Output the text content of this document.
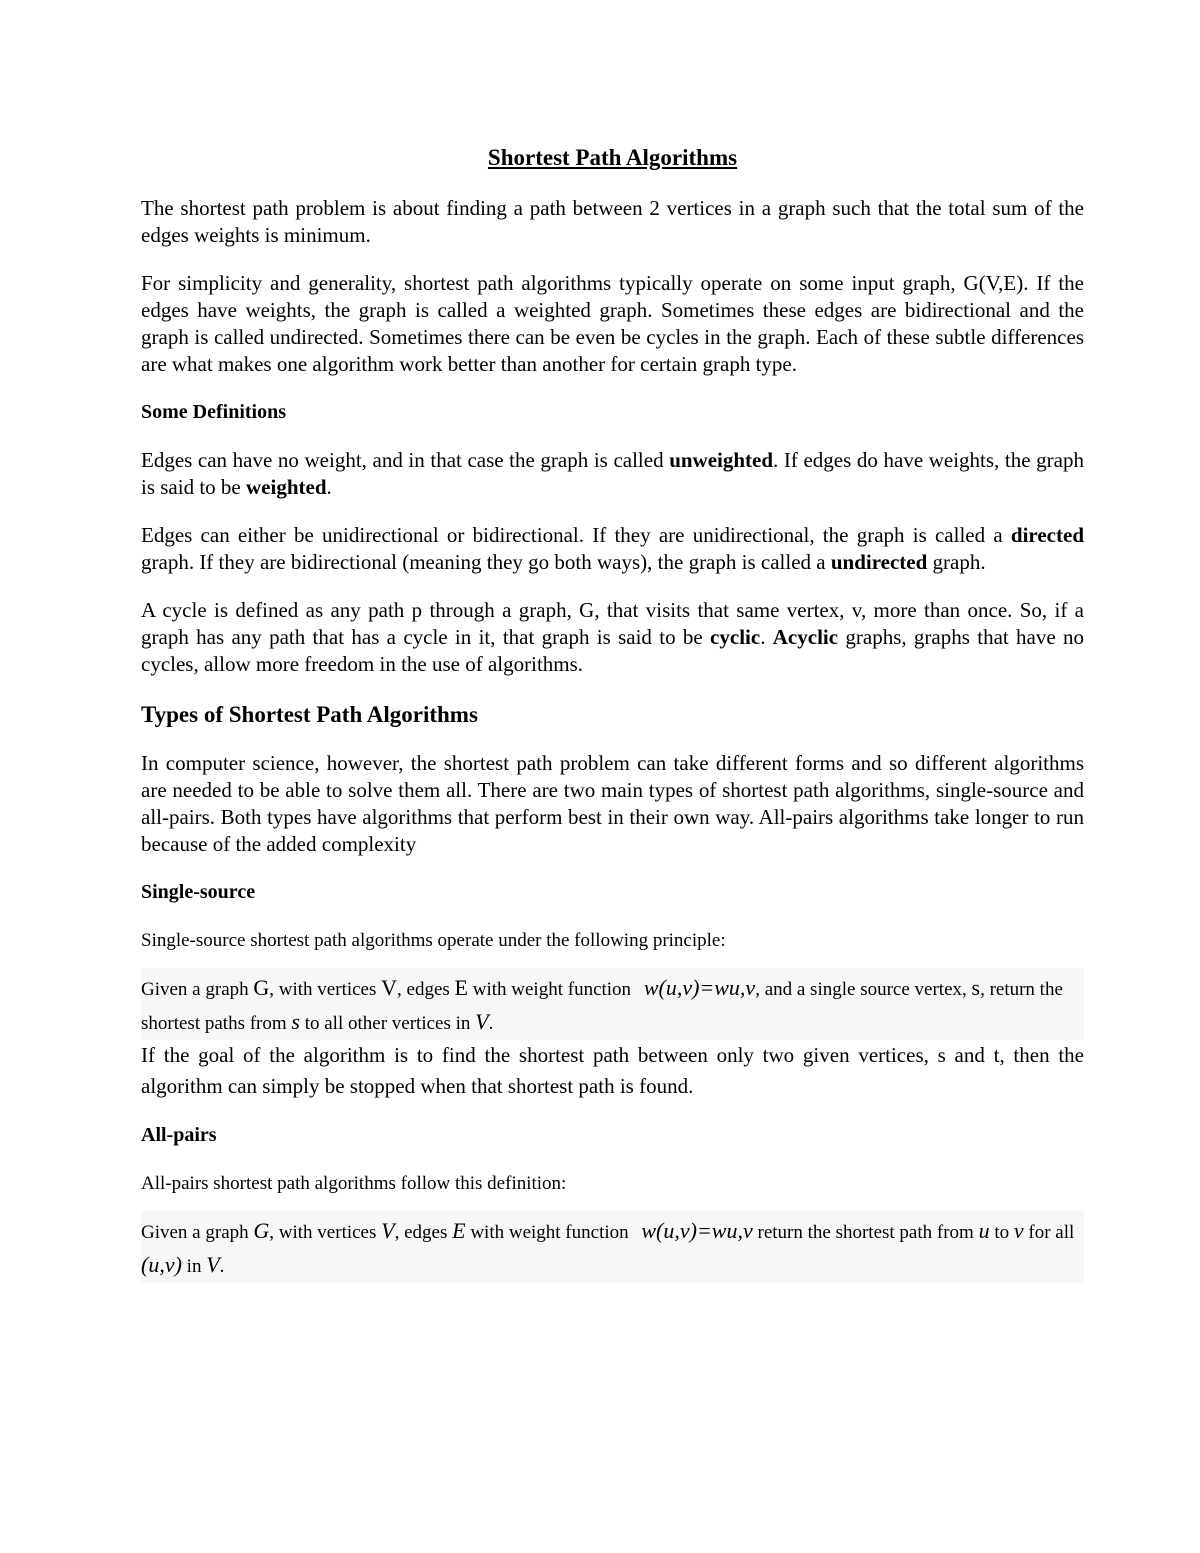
Shortest Path Algorithms

The shortest path problem is about finding a path between 2 vertices in a graph such that the total sum of the edges weights is minimum.

For simplicity and generality, shortest path algorithms typically operate on some input graph, G(V,E). If the edges have weights, the graph is called a weighted graph. Sometimes these edges are bidirectional and the graph is called undirected. Sometimes there can be even be cycles in the graph. Each of these subtle differences are what makes one algorithm work better than another for certain graph type.

Some Definitions

Edges can have no weight, and in that case the graph is called unweighted. If edges do have weights, the graph is said to be weighted.

Edges can either be unidirectional or bidirectional. If they are unidirectional, the graph is called a directed graph. If they are bidirectional (meaning they go both ways), the graph is called a undirected graph.

A cycle is defined as any path p through a graph, G, that visits that same vertex, v, more than once. So, if a graph has any path that has a cycle in it, that graph is said to be cyclic. Acyclic graphs, graphs that have no cycles, allow more freedom in the use of algorithms.

Types of Shortest Path Algorithms

In computer science, however, the shortest path problem can take different forms and so different algorithms are needed to be able to solve them all. There are two main types of shortest path algorithms, single-source and all-pairs. Both types have algorithms that perform best in their own way. All-pairs algorithms take longer to run because of the added complexity

Single-source

Single-source shortest path algorithms operate under the following principle:

Given a graph G, with vertices V, edges E with weight function w(u,v)=wu,v, and a single source vertex, s, return the shortest paths from s to all other vertices in V.

If the goal of the algorithm is to find the shortest path between only two given vertices, s and t, then the algorithm can simply be stopped when that shortest path is found.

All-pairs

All-pairs shortest path algorithms follow this definition:

Given a graph G, with vertices V, edges E with weight function w(u,v)=wu,v return the shortest path from u to v for all (u,v) in V.
